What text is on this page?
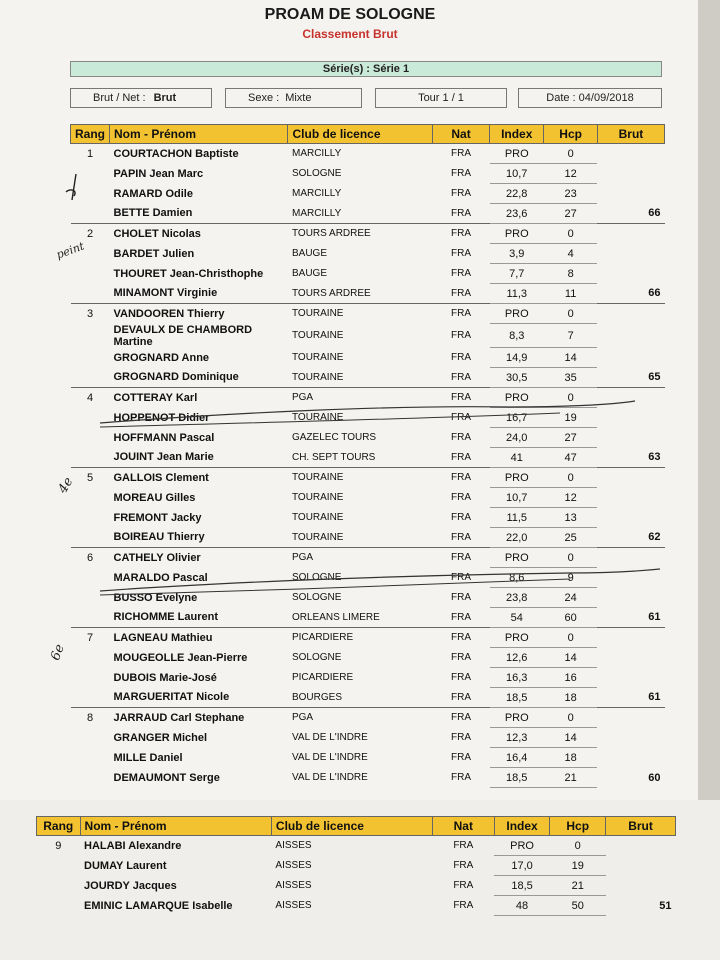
PROAM DE SOLOGNE
Classement Brut
Série(s) : Série 1
Brut / Net : Brut	Sexe : Mixte	Tour 1 / 1	Date : 04/09/2018
Rang	Nom - Prénom	Club de licence	Nat	Index	Hcp	Brut
1	COURTACHON Baptiste	MARCILLY	FRA	PRO	0	
	PAPIN Jean Marc	SOLOGNE	FRA	10,7	12	
	RAMARD Odile	MARCILLY	FRA	22,8	23	
	BETTE Damien	MARCILLY	FRA	23,6	27	66
2	CHOLET Nicolas	TOURS ARDREE	FRA	PRO	0	
	BARDET Julien	BAUGE	FRA	3,9	4	
	THOURET Jean-Christhophe	BAUGE	FRA	7,7	8	
	MINAMONT Virginie	TOURS ARDREE	FRA	11,3	11	66
3	VANDOOREN Thierry	TOURAINE	FRA	PRO	0	
	DEVAULX DE CHAMBORD Martine	TOURAINE	FRA	8,3	7	
	GROGNARD Anne	TOURAINE	FRA	14,9	14	
	GROGNARD Dominique	TOURAINE	FRA	30,5	35	65
4	COTTERAY Karl	PGA	FRA	PRO	0	
	HOPPENOT Didier	TOURAINE	FRA	16,7	19	
	HOFFMANN Pascal	GAZELEC TOURS	FRA	24,0	27	
	JOUINT Jean Marie	CH. SEPT TOURS	FRA	41	47	63
5	GALLOIS Clement	TOURAINE	FRA	PRO	0	
	MOREAU Gilles	TOURAINE	FRA	10,7	12	
	FREMONT Jacky	TOURAINE	FRA	11,5	13	
	BOIREAU Thierry	TOURAINE	FRA	22,0	25	62
6	CATHELY Olivier	PGA	FRA	PRO	0	
	MARALDO Pascal	SOLOGNE	FRA	8,6	9	
	BUSSO Evelyne	SOLOGNE	FRA	23,8	24	
	RICHOMME Laurent	ORLEANS LIMERE	FRA	54	60	61
7	LAGNEAU Mathieu	PICARDIERE	FRA	PRO	0	
	MOUGEOLLE Jean-Pierre	SOLOGNE	FRA	12,6	14	
	DUBOIS Marie-José	PICARDIERE	FRA	16,3	16	
	MARGUERITAT Nicole	BOURGES	FRA	18,5	18	61
8	JARRAUD Carl Stephane	PGA	FRA	PRO	0	
	GRANGER Michel	VAL DE L'INDRE	FRA	12,3	14	
	MILLE Daniel	VAL DE L'INDRE	FRA	16,4	18	
	DEMAUMONT Serge	VAL DE L'INDRE	FRA	18,5	21	60
Rang	Nom - Prénom	Club de licence	Nat	Index	Hcp	Brut
9	HALABI Alexandre	AISSES	FRA	PRO	0	
	DUMAY Laurent	AISSES	FRA	17,0	19	
	JOURDY Jacques	AISSES	FRA	18,5	21	
	EMINIC LAMARQUE Isabelle	AISSES	FRA	48	50	51
peint
4e
6e
